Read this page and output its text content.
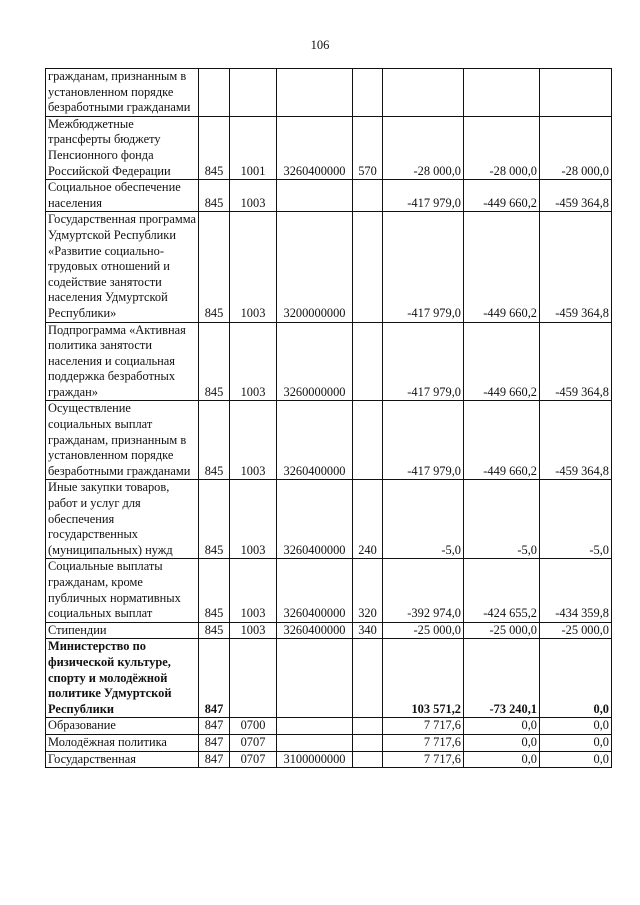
106
гражданам, признанным в установленном порядке безработными гражданами							
Межбюджетные трансферты бюджету Пенсионного фонда Российской Федерации	845	1001	3260400000	570	-28 000,0	-28 000,0	-28 000,0
Социальное обеспечение населения	845	1003			-417 979,0	-449 660,2	-459 364,8
Государственная программа Удмуртской Республики «Развитие социально-трудовых отношений и содействие занятости населения Удмуртской Республики»	845	1003	3200000000		-417 979,0	-449 660,2	-459 364,8
Подпрограмма «Активная политика занятости населения и социальная поддержка безработных граждан»	845	1003	3260000000		-417 979,0	-449 660,2	-459 364,8
Осуществление социальных выплат гражданам, признанным в установленном порядке безработными гражданами	845	1003	3260400000		-417 979,0	-449 660,2	-459 364,8
Иные закупки товаров, работ и услуг для обеспечения государственных (муниципальных) нужд	845	1003	3260400000	240	-5,0	-5,0	-5,0
Социальные выплаты гражданам, кроме публичных нормативных социальных выплат	845	1003	3260400000	320	-392 974,0	-424 655,2	-434 359,8
Стипендии	845	1003	3260400000	340	-25 000,0	-25 000,0	-25 000,0
Министерство по физической культуре, спорту и молодёжной политике Удмуртской Республики	847				103 571,2	-73 240,1	0,0
Образование	847	0700			7 717,6	0,0	0,0
Молодёжная политика	847	0707			7 717,6	0,0	0,0
Государственная	847	0707	3100000000		7 717,6	0,0	0,0
